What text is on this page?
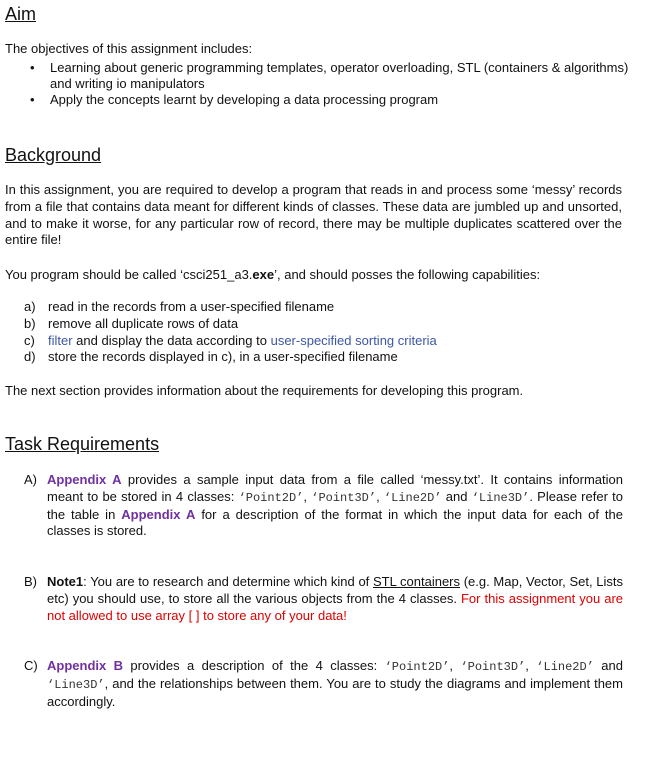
Aim

The objectives of this assignment includes:

• Learning about generic programming templates, operator overloading, STL (containers & algorithms) and writing io manipulators
• Apply the concepts learnt by developing a data processing program
Background

In this assignment, you are required to develop a program that reads in and process some ‘messy’ records from a file that contains data meant for different kinds of classes. These data are jumbled up and unsorted, and to make it worse, for any particular row of record, there may be multiple duplicates scattered over the entire file!

You program should be called ‘csci251_a3.exe’, and should posses the following capabilities:

a) read in the records from a user-specified filename
b) remove all duplicate rows of data
c) filter and display the data according to user-specified sorting criteria
d) store the records displayed in c), in a user-specified filename

The next section provides information about the requirements for developing this program.

Task Requirements
A) Appendix A provides a sample input data from a file called ‘messy.txt’. It contains information meant to be stored in 4 classes: ‘Point2D’, ‘Point3D’, ‘Line2D’ and ‘Line3D’. Please refer to the table in Appendix A for a description of the format in which the input data for each of the classes is stored.
B) Note1: You are to research and determine which kind of STL containers (e.g. Map, Vector, Set, Lists etc) you should use, to store all the various objects from the 4 classes. For this assignment you are not allowed to use array [ ] to store any of your data!
C) Appendix B provides a description of the 4 classes: ‘Point2D’, ‘Point3D’, ‘Line2D’ and ‘Line3D’, and the relationships between them. You are to study the diagrams and implement them accordingly.
